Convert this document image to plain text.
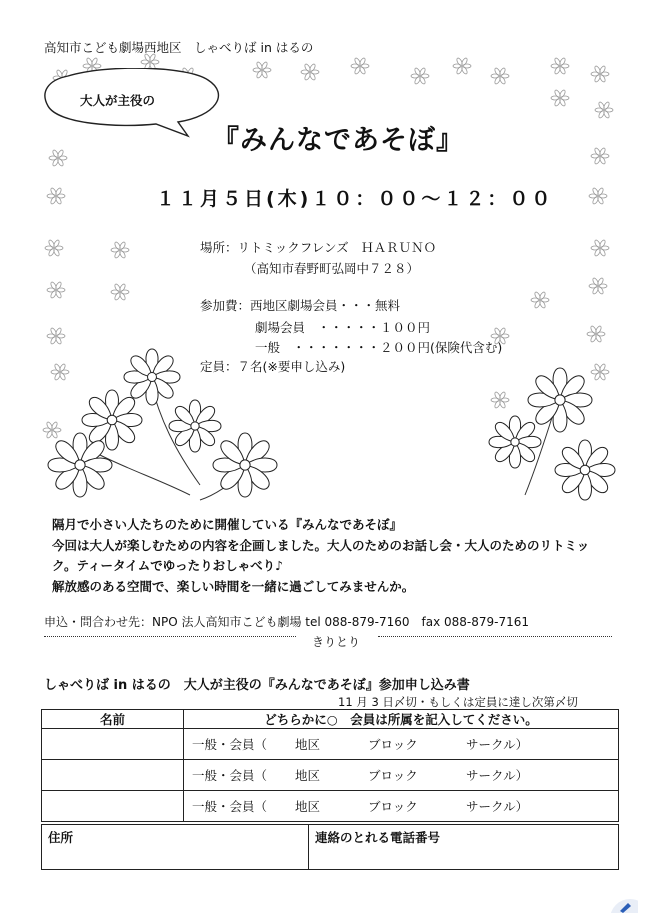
大人が主役の
高知市こども劇場西地区　しゃべりば in はるの
『みんなであそぼ』
１１月５日(木)１０：００〜１２：００
場所：リトミックフレンズ　ＨＡＲＵＮＯ
（高知市春野町弘岡中７２８）
参加費：西地区劇場会員・・・無料
劇場会員　・・・・・１００円
一般　・・・・・・・２００円(保険代含む)
定員：７名(※要申し込み)
隔月で小さい人たちのために開催している『みんなであそぼ』
今回は大人が楽しむための内容を企画しました。大人のためのお話し会・大人のためのリトミッ
ク。ティータイムでゆったりおしゃべり♪
解放感のある空間で、楽しい時間を一緒に過ごしてみませんか。
申込・問合わせ先：NPO 法人高知市こども劇場 tel 088-879-7160　fax 088-879-7161
きりとり
しゃべりば in はるの　大人が主役の『みんなであそぼ』参加申し込み書
11 月 3 日〆切・もしくは定員に達し次第〆切
名前	どちらかに○　会員は所属を記入してください。

	一般・会員（ 地区 ブロック サークル）

	一般・会員（ 地区 ブロック サークル）

	一般・会員（ 地区 ブロック サークル）
住所	連絡のとれる電話番号
